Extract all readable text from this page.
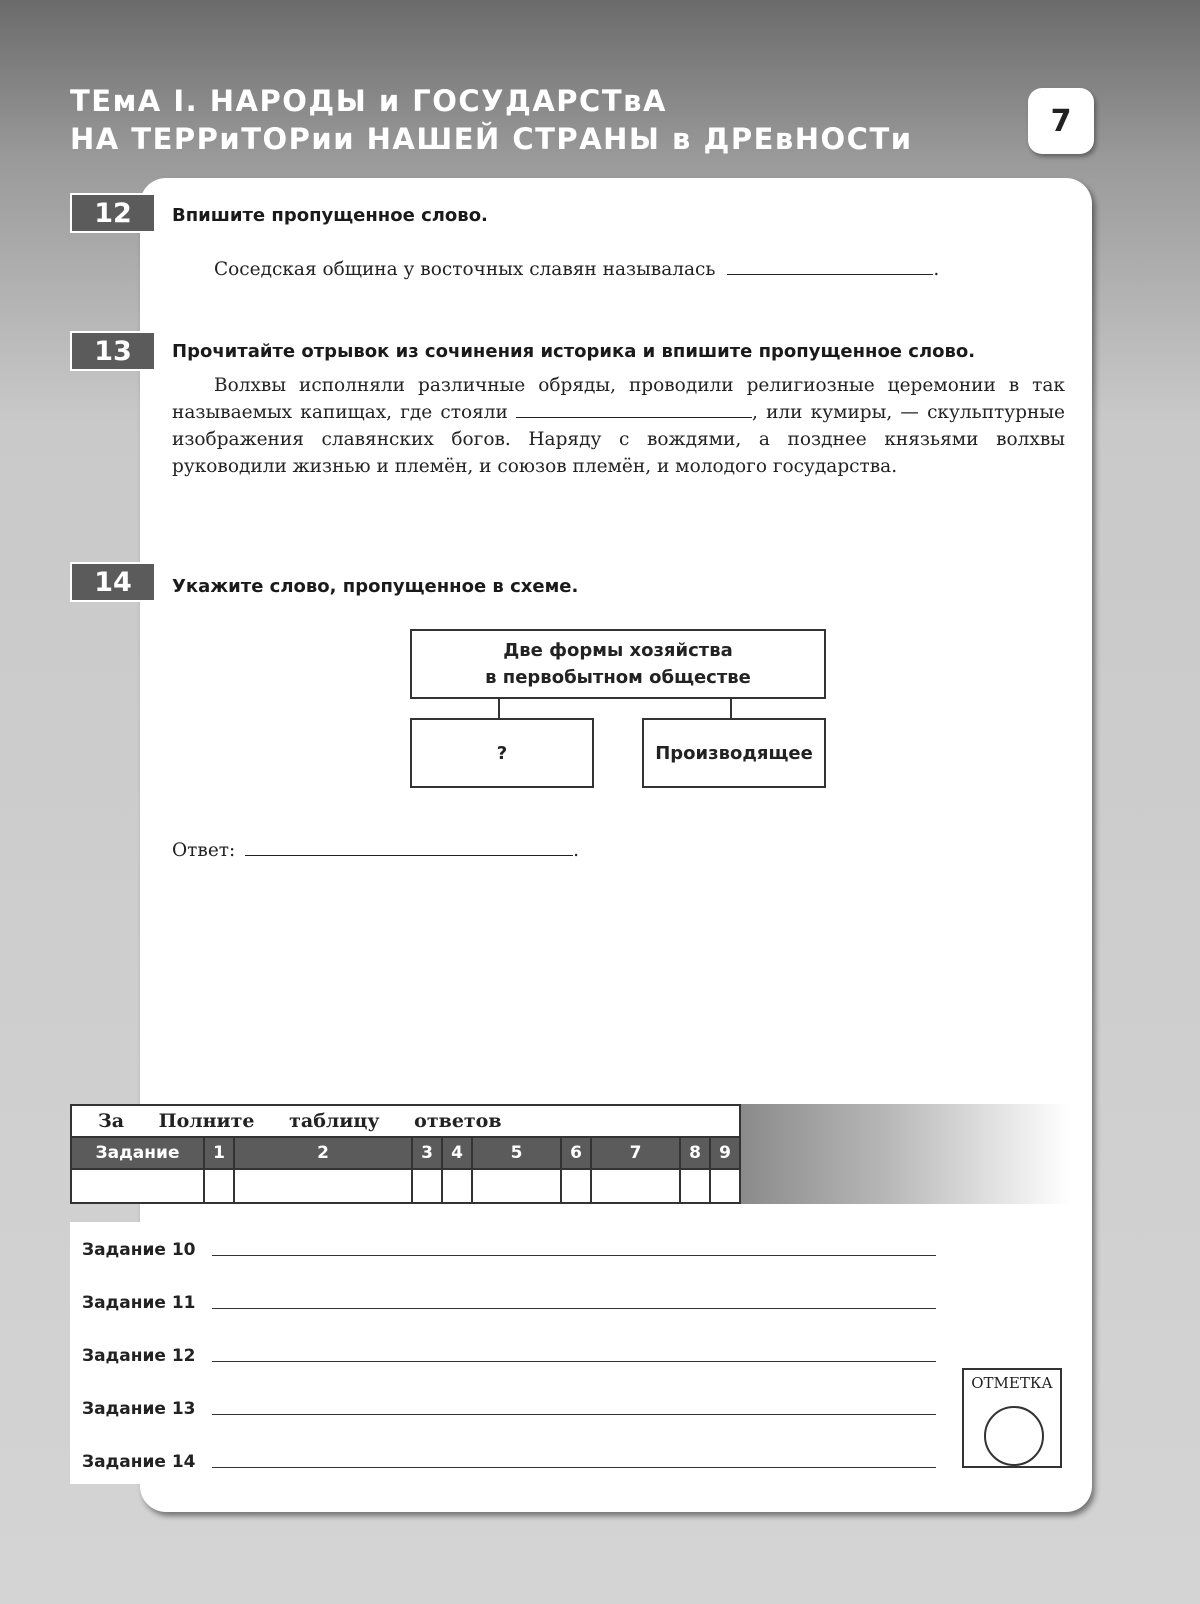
ТЕмА І. НАРОДЫ и ГОСУДАРСТвА
НА ТЕРРиТОРии НАШЕЙ СТРАНЫ в ДРЕвНОСТи
7
12	Впишите пропущенное слово.

Соседская община у восточных славян называлась	.
13	Прочитайте отрывок из сочинения историка и впишите пропущенное слово.

Волхвы исполняли различные обряды, проводили религиозные церемонии в так называемых капищах, где стояли	, или кумиры, — скульптурные изображения славянских богов. Наряду с вождями, а позднее князьями волхвы руководили жизнью и племён, и союзов племён, и молодого государства.

14	Укажите слово, пропущенное в схеме.

Две формы хозяйства
в первобытном обществе
?	Производящее
Ответ:	.
За Полните таблицу ответов									
Задание	1	2	3	4	5	6	7	8	9

Задание 10
Задание 11
Задание 12
Задание 13
Задание 14
ОТМЕТКА
